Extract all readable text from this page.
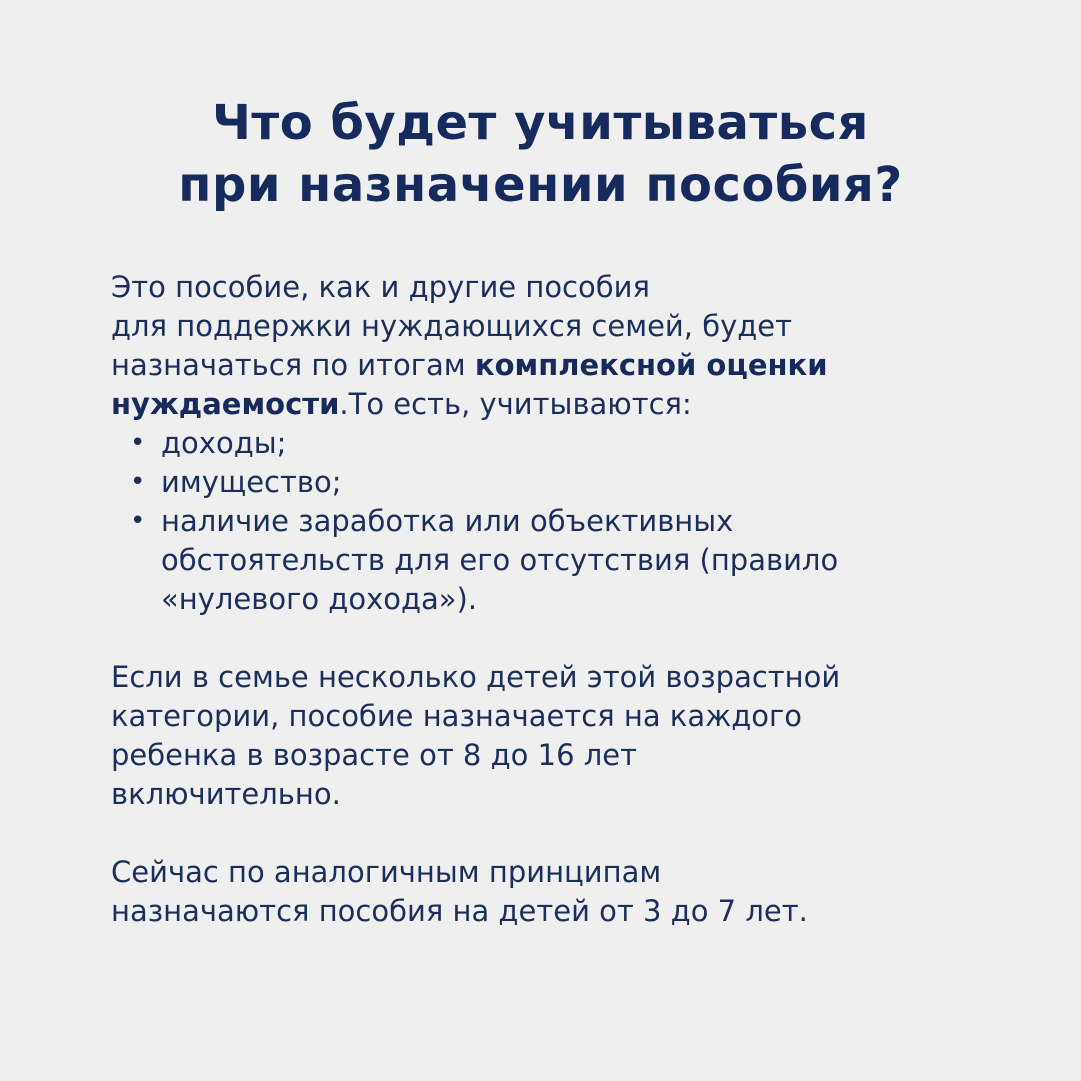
Что будет учитываться
при назначении пособия?
Это пособие, как и другие пособия
для поддержки нуждающихся семей, будет
назначаться по итогам комплексной оценки
нуждаемости.То есть, учитываются:
• доходы;
• имущество;
• наличие заработка или объективных
обстоятельств для его отсутствия (правило
«нулевого дохода»).
Если в семье несколько детей этой возрастной
категории, пособие назначается на каждого
ребенка в возрасте от 8 до 16 лет
включительно.
Сейчас по аналогичным принципам
назначаются пособия на детей от 3 до 7 лет.
